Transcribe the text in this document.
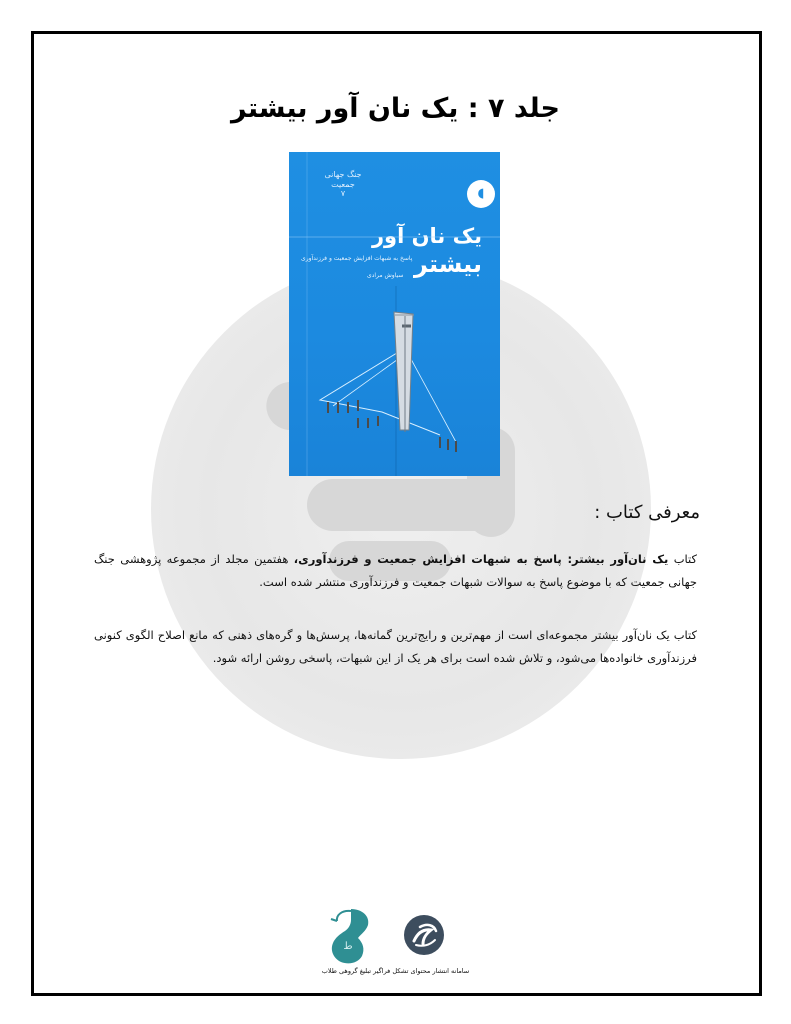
جلد ۷ : یک نان آور بیشتر
جنگ جهانی جمعیت
۷	◖
یک نان آور
بیشتر
پاسخ به شبهات افزایش جمعیت و فرزندآوری
سیاوش مرادی
معرفی کتاب :
کتاب یک نان‌آور بیشتر: پاسخ به شبهات افزایش جمعیت و فرزندآوری، هفتمین مجلد از مجموعه پژوهشی جنگ جهانی جمعیت که با موضوع پاسخ به سوالات شبهات جمعیت و فرزندآوری منتشر شده است.
کتاب یک نان‌آور بیشتر مجموعه‌ای است از مهم‌ترین و رایج‌ترین گمانه‌ها، پرسش‌ها و گره‌های ذهنی که مانع اصلاح الگوی کنونی فرزندآوری خانواده‌ها می‌شود، و تلاش شده است برای هر یک از این شبهات، پاسخی روشن ارائه شود.
ط
سامانه انتشار محتوای تشکل فراگیر تبلیغ گروهی طلاب
